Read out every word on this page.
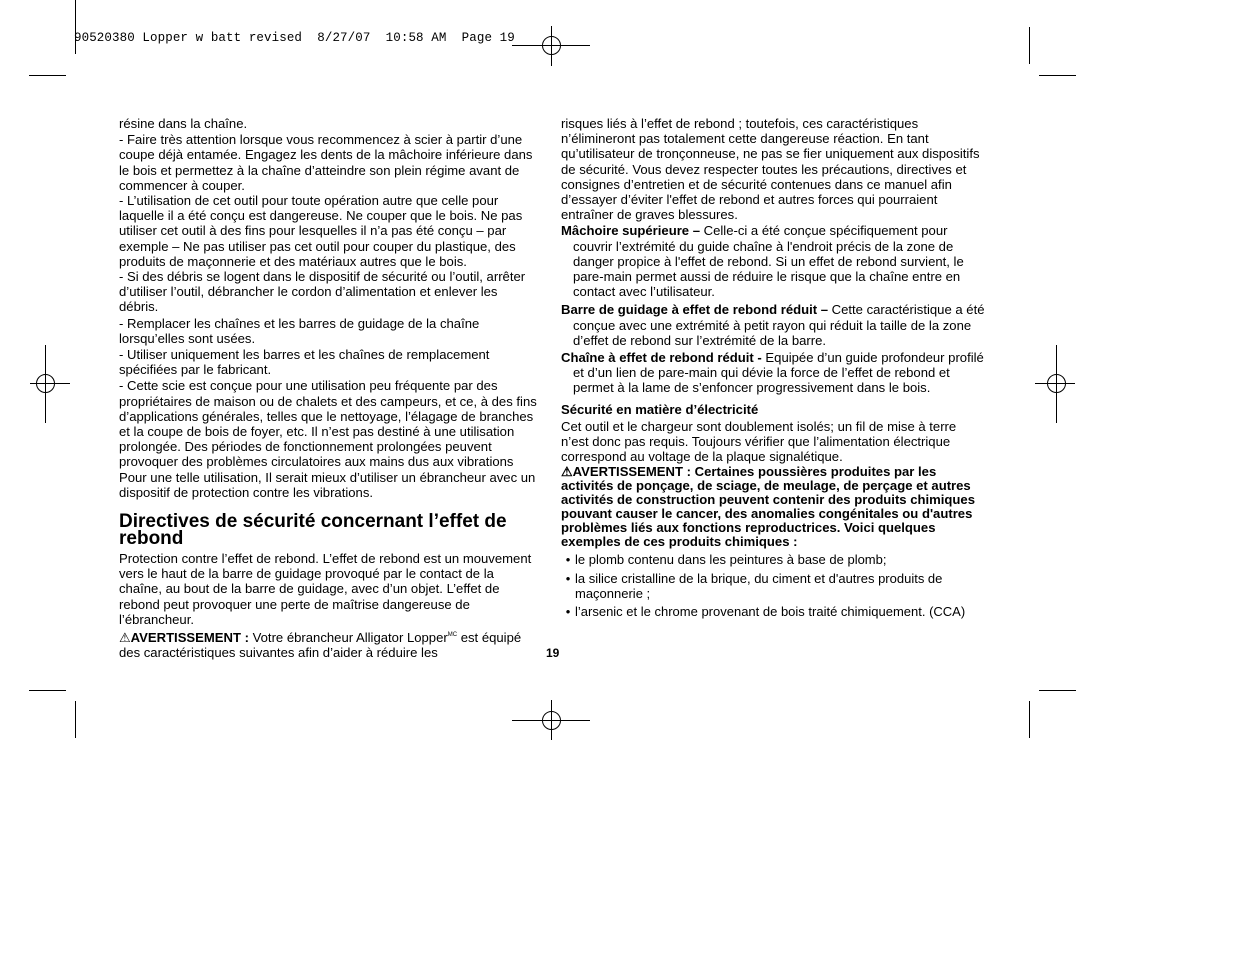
90520380 Lopper w batt revised  8/27/07  10:58 AM  Page 19

résine dans la chaîne.

- Faire très attention lorsque vous recommencez à scier à partir d’une coupe déjà entamée. Engagez les dents de la mâchoire inférieure dans le bois et permettez à la chaîne d’atteindre son plein régime avant de commencer à couper.

- L’utilisation de cet outil pour toute opération autre que celle pour laquelle il a été conçu est dangereuse. Ne couper que le bois. Ne pas utiliser cet outil à des fins pour lesquelles il n’a pas été conçu – par exemple – Ne pas utiliser pas cet outil pour couper du plastique, des produits de maçonnerie et des matériaux autres que le bois.

- Si des débris se logent dans le dispositif de sécurité ou l’outil, arrêter d’utiliser l’outil, débrancher le cordon d’alimentation et enlever les débris.

- Remplacer les chaînes et les barres de guidage de la chaîne lorsqu’elles sont usées.

- Utiliser uniquement les barres et les chaînes de remplacement spécifiées par le fabricant.

- Cette scie est conçue pour une utilisation peu fréquente par des propriétaires de maison ou de chalets et des campeurs, et ce, à des fins d’applications générales, telles que le nettoyage, l’élagage de branches et la coupe de bois de foyer, etc. Il n’est pas destiné à une utilisation prolongée. Des périodes de fonctionnement prolongées peuvent provoquer des problèmes circulatoires aux mains dus aux vibrations Pour une telle utilisation, Il serait mieux d’utiliser un ébrancheur avec un dispositif de protection contre les vibrations.

Directives de sécurité concernant l’effet de rebond

Protection contre l’effet de rebond. L’effet de rebond est un mouvement vers le haut de la barre de guidage provoqué par le contact de la chaîne, au bout de la barre de guidage, avec d’un objet. L’effet de rebond peut provoquer une perte de maîtrise dangereuse de l’ébrancheur.

⚠AVERTISSEMENT : Votre ébrancheur Alligator Lopper$^{MC}$ est équipé des caractéristiques suivantes afin d’aider à réduire les

risques liés à l’effet de rebond ; toutefois, ces caractéristiques n’élimineront pas totalement cette dangereuse réaction. En tant qu’utilisateur de tronçonneuse, ne pas se fier uniquement aux dispositifs de sécurité. Vous devez respecter toutes les précautions, directives et consignes d’entretien et de sécurité contenues dans ce manuel afin d’essayer d’éviter l'effet de rebond et autres forces qui pourraient entraîner de graves blessures.

Mâchoire supérieure – Celle-ci a été conçue spécifiquement pour couvrir l’extrémité du guide chaîne à l'endroit précis de la zone de danger propice à l'effet de rebond. Si un effet de rebond survient, le pare-main permet aussi de réduire le risque que la chaîne entre en contact avec l’utilisateur.

Barre de guidage à effet de rebond réduit – Cette caractéristique a été conçue avec une extrémité à petit rayon qui réduit la taille de la zone d’effet de rebond sur l’extrémité de la barre.

Chaîne à effet de rebond réduit - Equipée d’un guide profondeur profilé et d’un lien de pare-main qui dévie la force de l’effet de rebond et permet à la lame de s’enfoncer progressivement dans le bois.

Sécurité en matière d’électricité

Cet outil et le chargeur sont doublement isolés; un fil de mise à terre n’est donc pas requis. Toujours vérifier que l’alimentation électrique correspond au voltage de la plaque signalétique.

⚠AVERTISSEMENT : Certaines poussières produites par les activités de ponçage, de sciage, de meulage, de perçage et autres activités de construction peuvent contenir des produits chimiques pouvant causer le cancer, des anomalies congénitales ou d'autres problèmes liés aux fonctions reproductrices. Voici quelques exemples de ces produits chimiques :

• le plomb contenu dans les peintures à base de plomb;

• la silice cristalline de la brique, du ciment et d'autres produits de maçonnerie ;

• l’arsenic et le chrome provenant de bois traité chimiquement. (CCA)

19
